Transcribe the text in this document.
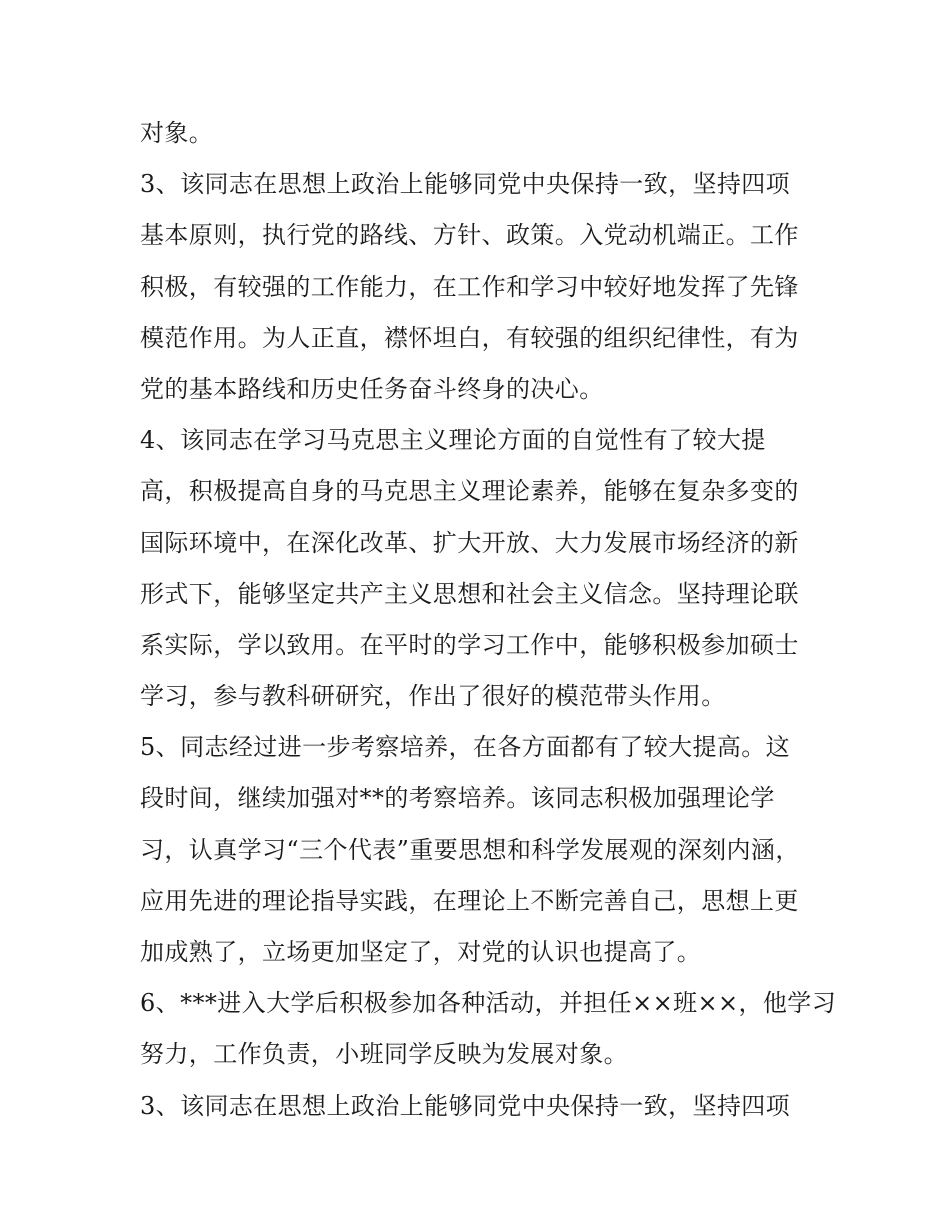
对象。
3、该同志在思想上政治上能够同党中央保持一致，坚持四项
基本原则，执行党的路线、方针、政策。入党动机端正。工作
积极，有较强的工作能力，在工作和学习中较好地发挥了先锋
模范作用。为人正直，襟怀坦白，有较强的组织纪律性，有为
党的基本路线和历史任务奋斗终身的决心。
4、该同志在学习马克思主义理论方面的自觉性有了较大提
高，积极提高自身的马克思主义理论素养，能够在复杂多变的
国际环境中，在深化改革、扩大开放、大力发展市场经济的新
形式下，能够坚定共产主义思想和社会主义信念。坚持理论联
系实际，学以致用。在平时的学习工作中，能够积极参加硕士
学习，参与教科研研究，作出了很好的模范带头作用。
5、同志经过进一步考察培养，在各方面都有了较大提高。这
段时间，继续加强对**的考察培养。该同志积极加强理论学
习，认真学习“三个代表”重要思想和科学发展观的深刻内涵，
应用先进的理论指导实践，在理论上不断完善自己，思想上更
加成熟了，立场更加坚定了，对党的认识也提高了。
6、***进入大学后积极参加各种活动，并担任××班××，他学习
努力，工作负责，小班同学反映为发展对象。
3、该同志在思想上政治上能够同党中央保持一致，坚持四项
